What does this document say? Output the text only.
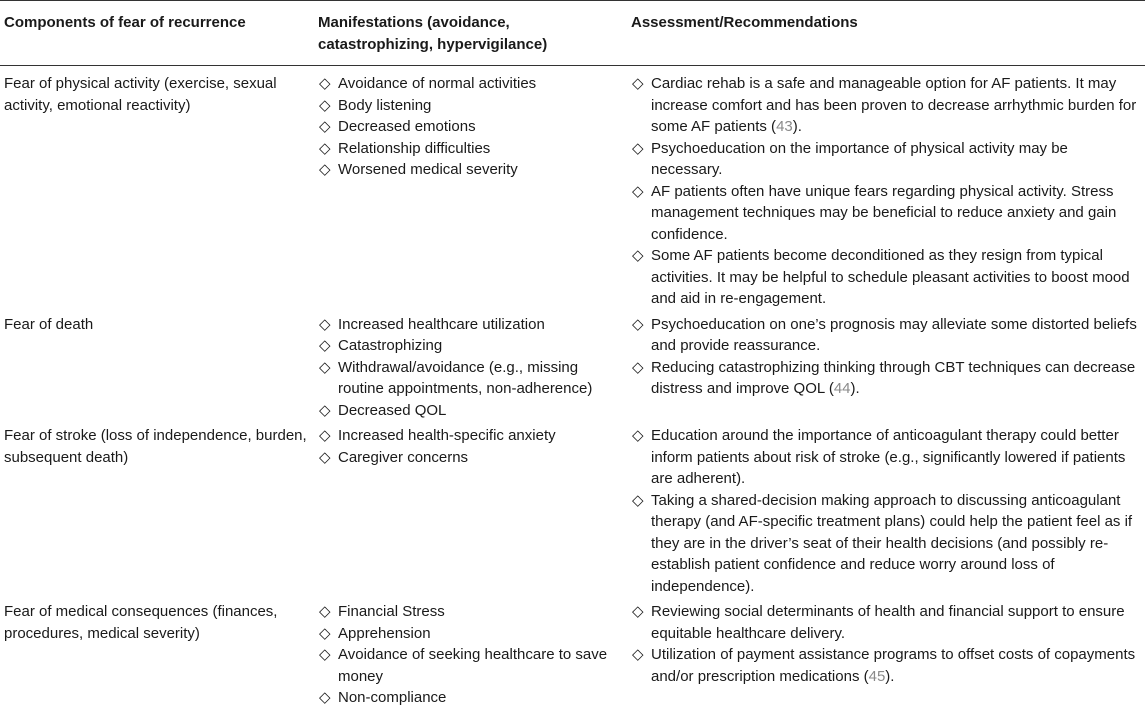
Components of fear of recurrence	Manifestations (avoidance, catastrophizing, hypervigilance)
Assessment/Recommendations
Fear of physical activity (exercise, sexual activity, emotional reactivity)
◇ Avoidance of normal activities
◇ Body listening
◇ Decreased emotions
◇ Relationship difficulties
◇ Worsened medical severity
◇ Cardiac rehab is a safe and manageable option for AF patients. It may increase comfort and has been proven to decrease arrhythmic burden for some AF patients (43).
◇ Psychoeducation on the importance of physical activity may be necessary.
◇ AF patients often have unique fears regarding physical activity. Stress management techniques may be beneficial to reduce anxiety and gain confidence.
◇ Some AF patients become deconditioned as they resign from typical activities. It may be helpful to schedule pleasant activities to boost mood and aid in re-engagement.
Fear of death	◇ Increased healthcare utilization
◇ Catastrophizing
◇ Withdrawal/avoidance (e.g., missing routine appointments, non-adherence)
◇ Decreased QOL
◇ Psychoeducation on one’s prognosis may alleviate some distorted beliefs and provide reassurance.
◇ Reducing catastrophizing thinking through CBT techniques can decrease distress and improve QOL (44).
Fear of stroke (loss of independence, burden, subsequent death)
◇ Increased health-specific anxiety
◇ Caregiver concerns
◇ Education around the importance of anticoagulant therapy could better inform patients about risk of stroke (e.g., significantly lowered if patients are adherent).
◇ Taking a shared-decision making approach to discussing anticoagulant therapy (and AF-specific treatment plans) could help the patient feel as if they are in the driver’s seat of their health decisions (and possibly re-establish patient confidence and reduce worry around loss of independence).
Fear of medical consequences (finances, procedures, medical severity)
◇ Financial Stress
◇ Apprehension
◇ Avoidance of seeking healthcare to save money
◇ Non-compliance
◇ Reviewing social determinants of health and financial support to ensure equitable healthcare delivery.
◇ Utilization of payment assistance programs to offset costs of copayments and/or prescription medications (45).
